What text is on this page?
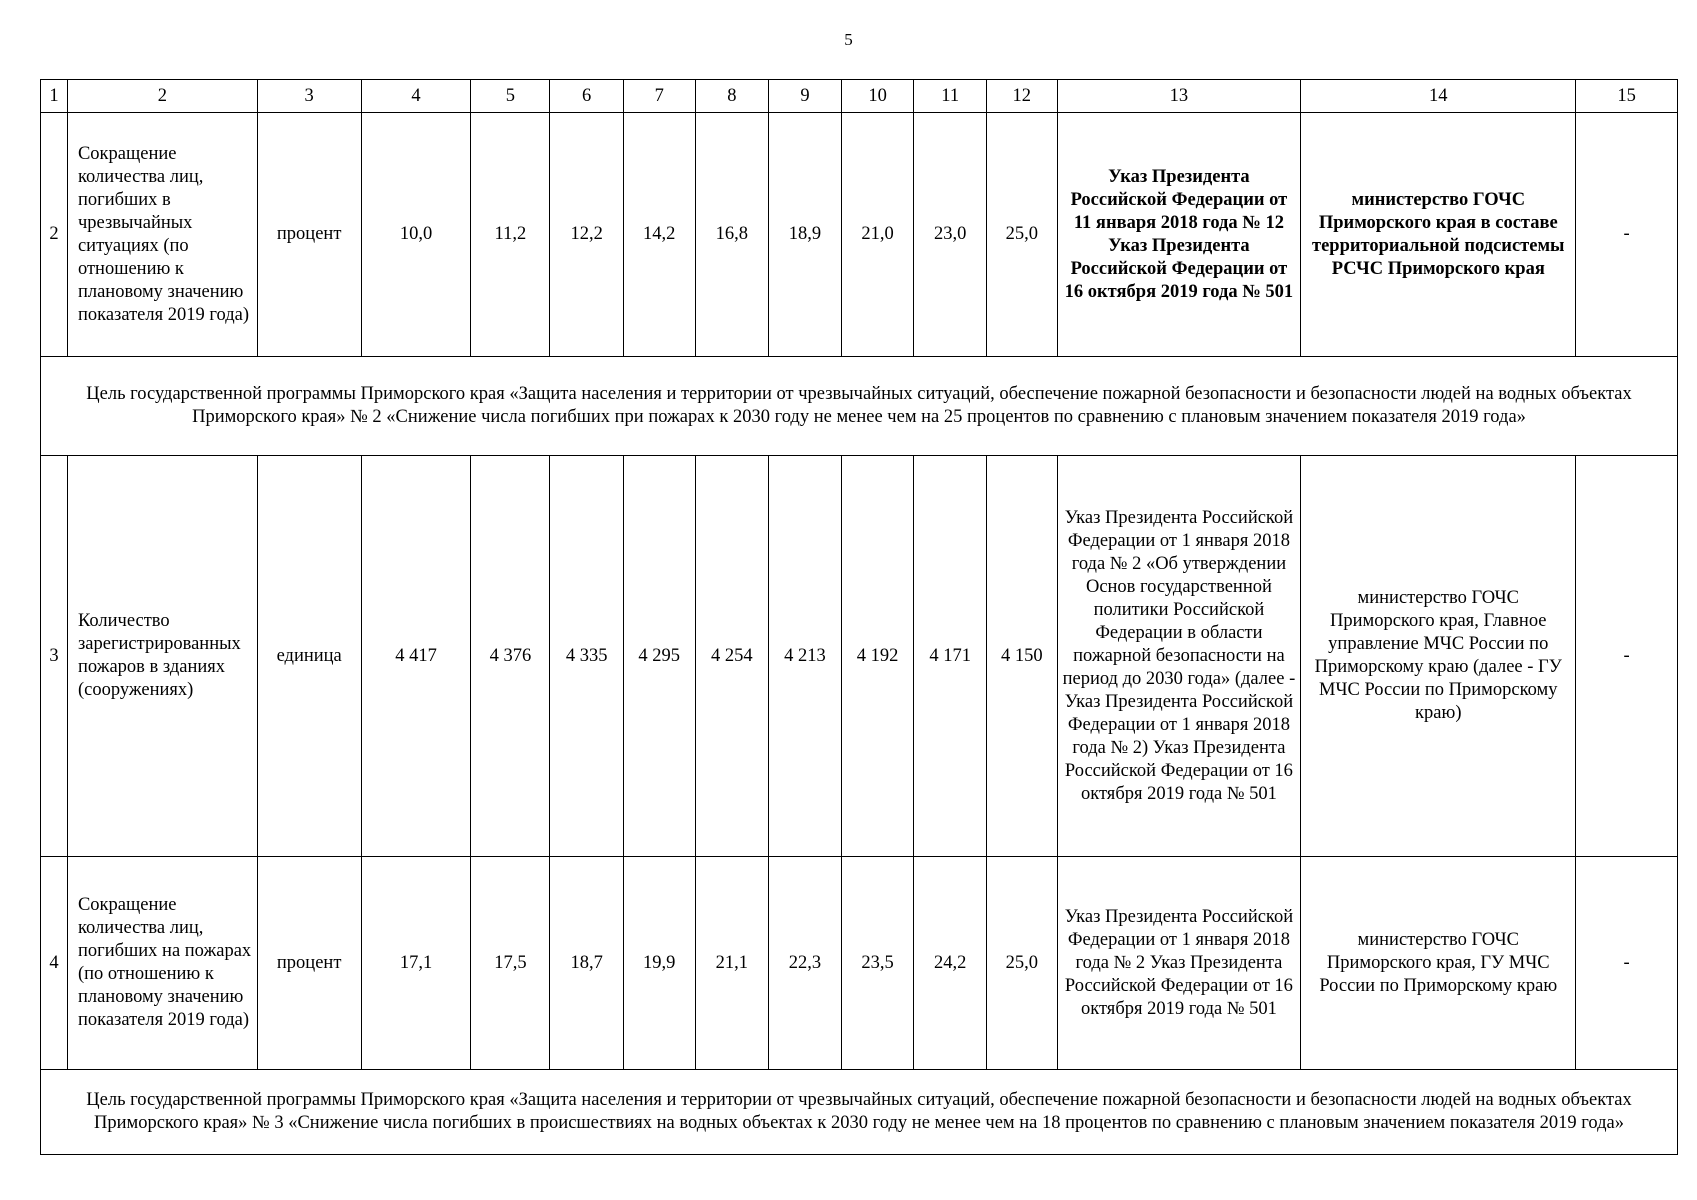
5
1	2	3	4	5	6	7	8	9	10	11	12	13	14	15
2	Сокращение количества лиц, погибших в чрезвычайных ситуациях (по отношению к плановому значению показателя 2019 года)	процент	10,0	11,2	12,2	14,2	16,8	18,9	21,0	23,0	25,0	Указ Президента Российской Федерации от 11 января 2018 года № 12 Указ Президента Российской Федерации от 16 октября 2019 года № 501	министерство ГОЧС Приморского края в составе территориальной подсистемы РСЧС Приморского края	-
Цель государственной программы Приморского края «Защита населения и территории от чрезвычайных ситуаций, обеспечение пожарной безопасности и безопасности людей на водных объектах Приморского края» № 2 «Снижение числа погибших при пожарах к 2030 году не менее чем на 25 процентов по сравнению с плановым значением показателя 2019 года»														
3	Количество зарегистрированных пожаров в зданиях (сооружениях)	единица	4 417	4 376	4 335	4 295	4 254	4 213	4 192	4 171	4 150	Указ Президента Российской Федерации от 1 января 2018 года № 2 «Об утверждении Основ государственной политики Российской Федерации в области пожарной безопасности на период до 2030 года» (далее - Указ Президента Российской Федерации от 1 января 2018 года № 2) Указ Президента Российской Федерации от 16 октября 2019 года № 501	министерство ГОЧС Приморского края, Главное управление МЧС России по Приморскому краю (далее - ГУ МЧС России по Приморскому краю)	-
4	Сокращение количества лиц, погибших на пожарах (по отношению к плановому значению показателя 2019 года)	процент	17,1	17,5	18,7	19,9	21,1	22,3	23,5	24,2	25,0	Указ Президента Российской Федерации от 1 января 2018 года № 2 Указ Президента Российской Федерации от 16 октября 2019 года № 501	министерство ГОЧС Приморского края, ГУ МЧС России по Приморскому краю	-
Цель государственной программы Приморского края «Защита населения и территории от чрезвычайных ситуаций, обеспечение пожарной безопасности и безопасности людей на водных объектах Приморского края» № 3 «Снижение числа погибших в происшествиях на водных объектах к 2030 году не менее чем на 18 процентов по сравнению с плановым значением показателя 2019 года»														
